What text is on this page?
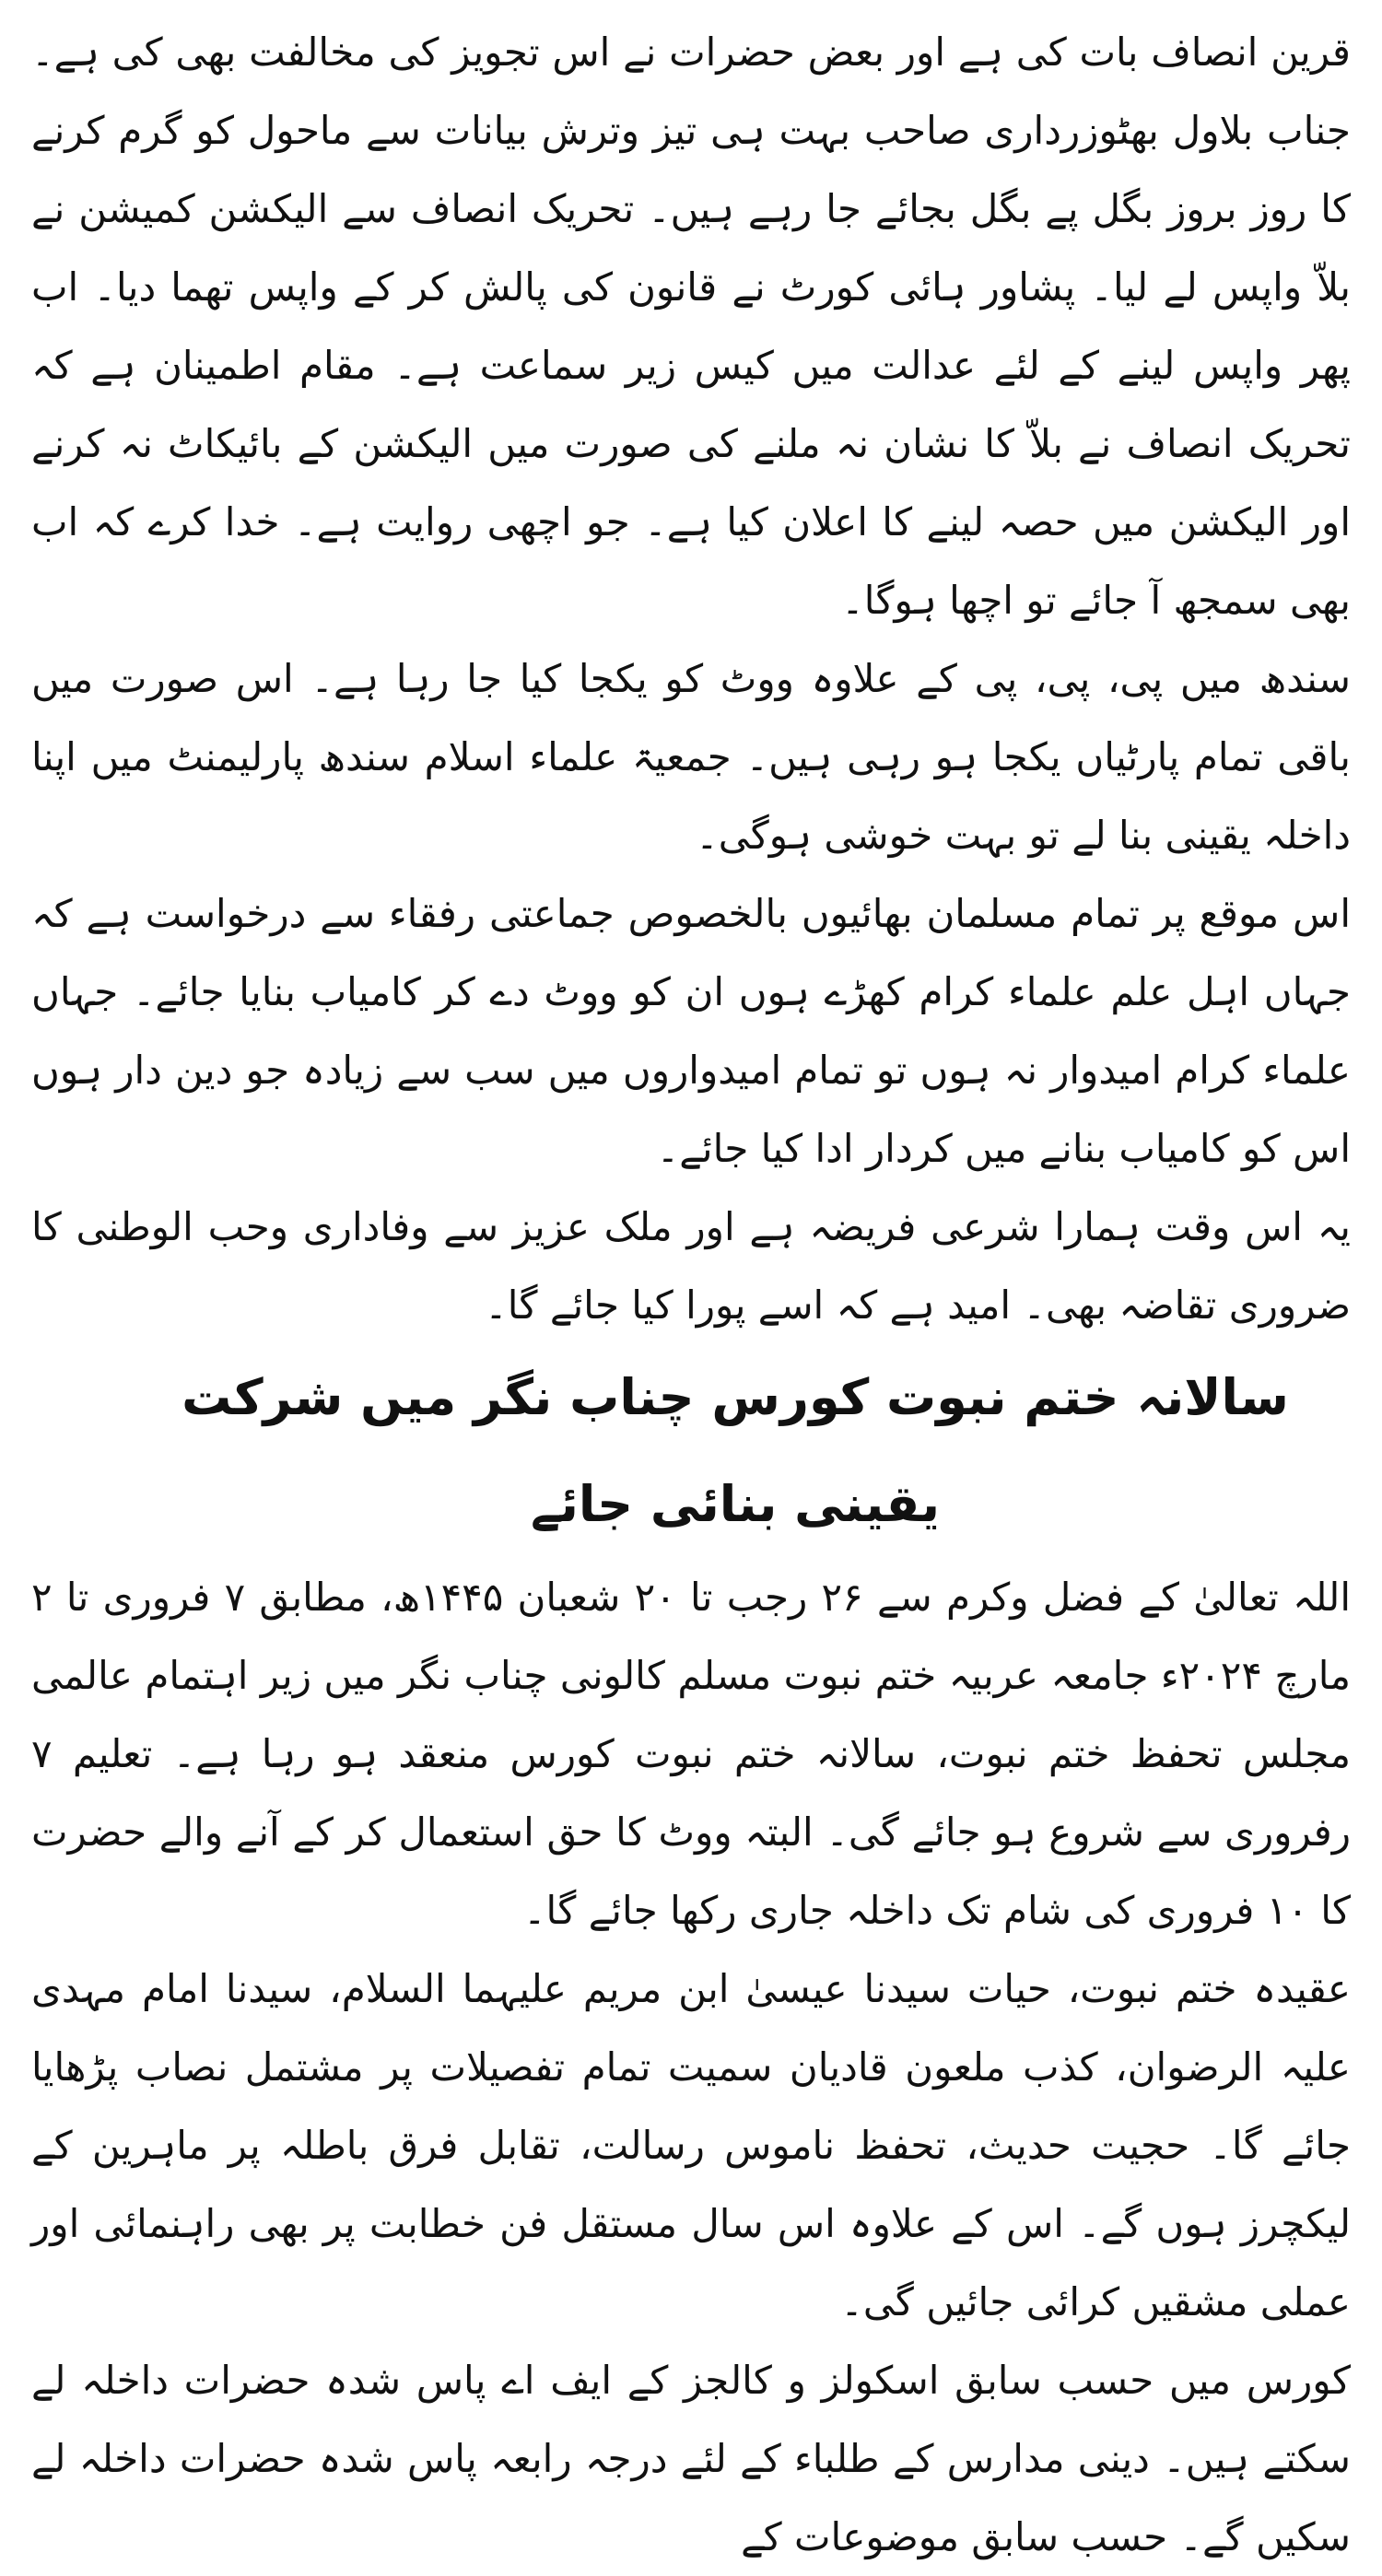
قرین انصاف بات کی ہے اور بعض حضرات نے اس تجویز کی مخالفت بھی کی ہے۔ جناب بلاول بھٹوزرداری صاحب بہت ہی تیز وترش بیانات سے ماحول کو گرم کرنے کا روز بروز بگل پے بگل بجائے جا رہے ہیں۔ تحریک انصاف سے الیکشن کمیشن نے بلاّ واپس لے لیا۔ پشاور ہائی کورٹ نے قانون کی پالش کر کے واپس تھما دیا۔ اب پھر واپس لینے کے لئے عدالت میں کیس زیر سماعت ہے۔ مقام اطمینان ہے کہ تحریک انصاف نے بلاّ کا نشان نہ ملنے کی صورت میں الیکشن کے بائیکاٹ نہ کرنے اور الیکشن میں حصہ لینے کا اعلان کیا ہے۔ جو اچھی روایت ہے۔ خدا کرے کہ اب بھی سمجھ آ جائے تو اچھا ہوگا۔

سندھ میں پی، پی، پی کے علاوہ ووٹ کو یکجا کیا جا رہا ہے۔ اس صورت میں باقی تمام پارٹیاں یکجا ہو رہی ہیں۔ جمعیۃ علماء اسلام سندھ پارلیمنٹ میں اپنا داخلہ یقینی بنا لے تو بہت خوشی ہوگی۔

اس موقع پر تمام مسلمان بھائیوں بالخصوص جماعتی رفقاء سے درخواست ہے کہ جہاں اہل علم علماء کرام کھڑے ہوں ان کو ووٹ دے کر کامیاب بنایا جائے۔ جہاں علماء کرام امیدوار نہ ہوں تو تمام امیدواروں میں سب سے زیادہ جو دین دار ہوں اس کو کامیاب بنانے میں کردار ادا کیا جائے۔

یہ اس وقت ہمارا شرعی فریضہ ہے اور ملک عزیز سے وفاداری وحب الوطنی کا ضروری تقاضہ بھی۔ امید ہے کہ اسے پورا کیا جائے گا۔

سالانہ ختم نبوت کورس چناب نگر میں شرکت یقینی بنائی جائے

اللہ تعالیٰ کے فضل وکرم سے ۲۶ رجب تا ۲۰ شعبان ۱۴۴۵ھ، مطابق ۷ فروری تا ۲ مارچ ۲۰۲۴ء جامعہ عربیہ ختم نبوت مسلم کالونی چناب نگر میں زیر اہتمام عالمی مجلس تحفظ ختم نبوت، سالانہ ختم نبوت کورس منعقد ہو رہا ہے۔ تعلیم ۷ رفروری سے شروع ہو جائے گی۔ البتہ ووٹ کا حق استعمال کر کے آنے والے حضرت کا ۱۰ فروری کی شام تک داخلہ جاری رکھا جائے گا۔

عقیدہ ختم نبوت، حیات سیدنا عیسیٰ ابن مریم علیہما السلام، سیدنا امام مہدی علیہ الرضوان، کذب ملعون قادیان سمیت تمام تفصیلات پر مشتمل نصاب پڑھایا جائے گا۔ حجیت حدیث، تحفظ ناموس رسالت، تقابل فرق باطلہ پر ماہرین کے لیکچرز ہوں گے۔ اس کے علاوہ اس سال مستقل فن خطابت پر بھی راہنمائی اور عملی مشقیں کرائی جائیں گی۔

کورس میں حسب سابق اسکولز و کالجز کے ایف اے پاس شدہ حضرات داخلہ لے سکتے ہیں۔ دینی مدارس کے طلباء کے لئے درجہ رابعہ پاس شدہ حضرات داخلہ لے سکیں گے۔ حسب سابق موضوعات کے
